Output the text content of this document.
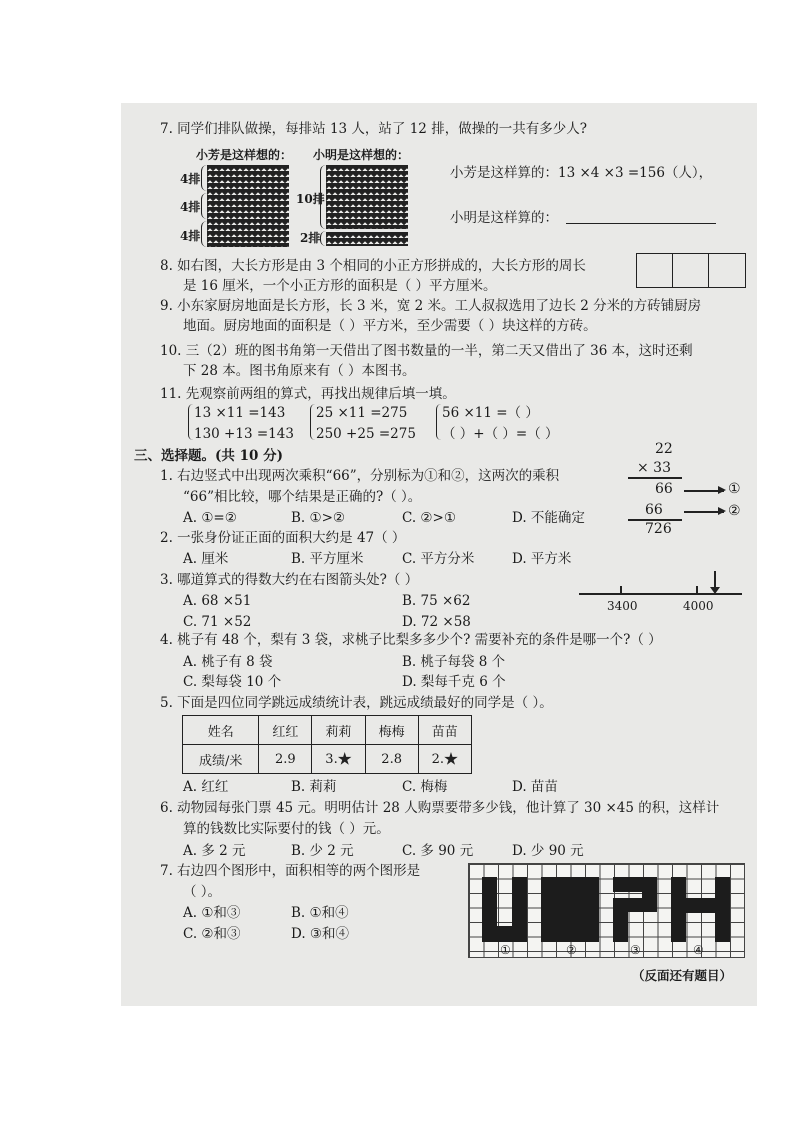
7. 同学们排队做操，每排站 13 人，站了 12 排，做操的一共有多少人?
小芳是这样想的： 小明是这样想的：
4排
4排
4排
10排
2排
小芳是这样算的：13 ×4 ×3 =156（人），
小明是这样算的：
8. 如右图，大长方形是由 3 个相同的小正方形拼成的，大长方形的周长
是 16 厘米，一个小正方形的面积是（ ）平方厘米。
9. 小东家厨房地面是长方形，长 3 米，宽 2 米。工人叔叔选用了边长 2 分米的方砖铺厨房
地面。厨房地面的面积是（ ）平方米，至少需要（ ）块这样的方砖。
10. 三（2）班的图书角第一天借出了图书数量的一半，第二天又借出了 36 本，这时还剩
下 28 本。图书角原来有（ ）本图书。
11. 先观察前两组的算式，再找出规律后填一填。
13 ×11 =143
130 +13 =143
25 ×11 =275
250 +25 =275
56 ×11 =（ ）
（ ）+（ ）=（ ）
三、选择题。(共 10 分)
1. 右边竖式中出现两次乘积“66”，分别标为①和②，这两次的乘积
“66”相比较，哪个结果是正确的?（ ）。
A. ①=②	B. ①>②	C. ②>①	D. 不能确定
22
× 33
66	①
66	②
726
2. 一张身份证正面的面积大约是 47（ ）
A. 厘米	B. 平方厘米	C. 平方分米	D. 平方米
3. 哪道算式的得数大约在右图箭头处?（ ）
A. 68 ×51	B. 75 ×62
C. 71 ×52	D. 72 ×58
3400	4000
4. 桃子有 48 个，梨有 3 袋，求桃子比梨多多少个? 需要补充的条件是哪一个?（ ）
A. 桃子有 8 袋	B. 桃子每袋 8 个
C. 梨每袋 10 个	D. 梨每千克 6 个
5. 下面是四位同学跳远成绩统计表，跳远成绩最好的同学是（ ）。
姓名	红红	莉莉	梅梅	苗苗
成绩/米	2.9	3.	2.8	2.
A. 红红	B. 莉莉	C. 梅梅	D. 苗苗
6. 动物园每张门票 45 元。明明估计 28 人购票要带多少钱，他计算了 30 ×45 的积，这样计
算的钱数比实际要付的钱（ ）元。
A. 多 2 元	B. 少 2 元	C. 多 90 元	D. 少 90 元
7. 右边四个图形中，面积相等的两个图形是
（ ）。
A. ①和③	B. ①和④
C. ②和③	D. ③和④
①	②	③	④
（反面还有题目）
